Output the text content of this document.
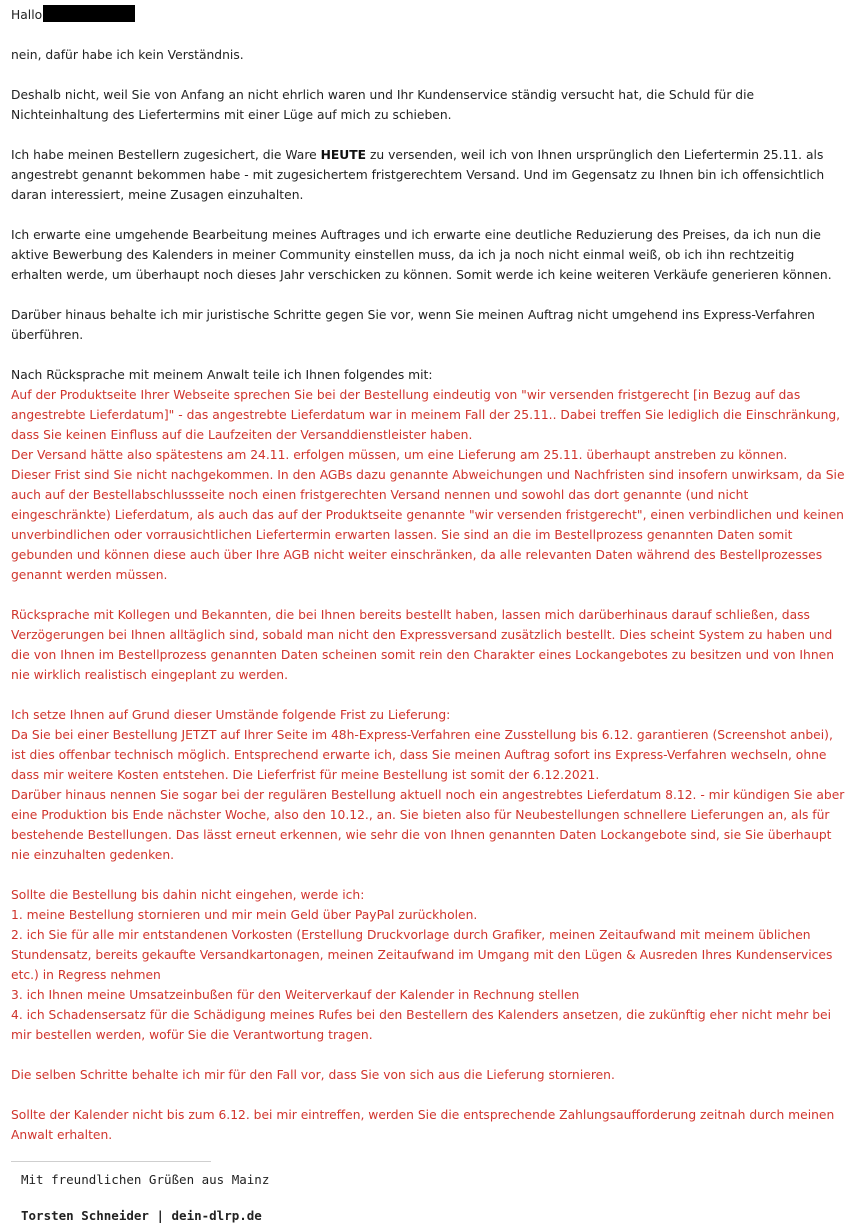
Hallo

nein, dafür habe ich kein Verständnis.

Deshalb nicht, weil Sie von Anfang an nicht ehrlich waren und Ihr Kundenservice ständig versucht hat, die Schuld für die Nichteinhaltung des Liefertermins mit einer Lüge auf mich zu schieben.

Ich habe meinen Bestellern zugesichert, die Ware HEUTE zu versenden, weil ich von Ihnen ursprünglich den Liefertermin 25.11. als angestrebt genannt bekommen habe - mit zugesichertem fristgerechtem Versand. Und im Gegensatz zu Ihnen bin ich offensichtlich daran interessiert, meine Zusagen einzuhalten.

Ich erwarte eine umgehende Bearbeitung meines Auftrages und ich erwarte eine deutliche Reduzierung des Preises, da ich nun die aktive Bewerbung des Kalenders in meiner Community einstellen muss, da ich ja noch nicht einmal weiß, ob ich ihn rechtzeitig erhalten werde, um überhaupt noch dieses Jahr verschicken zu können. Somit werde ich keine weiteren Verkäufe generieren können.

Darüber hinaus behalte ich mir juristische Schritte gegen Sie vor, wenn Sie meinen Auftrag nicht umgehend ins Express-Verfahren überführen.

Nach Rücksprache mit meinem Anwalt teile ich Ihnen folgendes mit:

Auf der Produktseite Ihrer Webseite sprechen Sie bei der Bestellung eindeutig von "wir versenden fristgerecht [in Bezug auf das angestrebte Lieferdatum]" - das angestrebte Lieferdatum war in meinem Fall der 25.11.. Dabei treffen Sie lediglich die Einschränkung, dass Sie keinen Einfluss auf die Laufzeiten der Versanddienstleister haben.

Der Versand hätte also spätestens am 24.11. erfolgen müssen, um eine Lieferung am 25.11. überhaupt anstreben zu können.

Dieser Frist sind Sie nicht nachgekommen. In den AGBs dazu genannte Abweichungen und Nachfristen sind insofern unwirksam, da Sie auch auf der Bestellabschlussseite noch einen fristgerechten Versand nennen und sowohl das dort genannte (und nicht eingeschränkte) Lieferdatum, als auch das auf der Produktseite genannte "wir versenden fristgerecht", einen verbindlichen und keinen unverbindlichen oder vorrausichtlichen Liefertermin erwarten lassen. Sie sind an die im Bestellprozess genannten Daten somit gebunden und können diese auch über Ihre AGB nicht weiter einschränken, da alle relevanten Daten während des Bestellprozesses genannt werden müssen.

Rücksprache mit Kollegen und Bekannten, die bei Ihnen bereits bestellt haben, lassen mich darüberhinaus darauf schließen, dass Verzögerungen bei Ihnen alltäglich sind, sobald man nicht den Expressversand zusätzlich bestellt. Dies scheint System zu haben und die von Ihnen im Bestellprozess genannten Daten scheinen somit rein den Charakter eines Lockangebotes zu besitzen und von Ihnen nie wirklich realistisch eingeplant zu werden.

Ich setze Ihnen auf Grund dieser Umstände folgende Frist zu Lieferung:

Da Sie bei einer Bestellung JETZT auf Ihrer Seite im 48h-Express-Verfahren eine Zusstellung bis 6.12. garantieren (Screenshot anbei), ist dies offenbar technisch möglich. Entsprechend erwarte ich, dass Sie meinen Auftrag sofort ins Express-Verfahren wechseln, ohne dass mir weitere Kosten entstehen. Die Lieferfrist für meine Bestellung ist somit der 6.12.2021.

Darüber hinaus nennen Sie sogar bei der regulären Bestellung aktuell noch ein angestrebtes Lieferdatum 8.12. - mir kündigen Sie aber eine Produktion bis Ende nächster Woche, also den 10.12., an. Sie bieten also für Neubestellungen schnellere Lieferungen an, als für bestehende Bestellungen. Das lässt erneut erkennen, wie sehr die von Ihnen genannten Daten Lockangebote sind, sie Sie überhaupt nie einzuhalten gedenken.

Sollte die Bestellung bis dahin nicht eingehen, werde ich:

1. meine Bestellung stornieren und mir mein Geld über PayPal zurückholen.

2. ich Sie für alle mir entstandenen Vorkosten (Erstellung Druckvorlage durch Grafiker, meinen Zeitaufwand mit meinem üblichen Stundensatz, bereits gekaufte Versandkartonagen, meinen Zeitaufwand im Umgang mit den Lügen & Ausreden Ihres Kundenservices etc.) in Regress nehmen

3. ich Ihnen meine Umsatzeinbußen für den Weiterverkauf der Kalender in Rechnung stellen

4. ich Schadensersatz für die Schädigung meines Rufes bei den Bestellern des Kalenders ansetzen, die zukünftig eher nicht mehr bei mir bestellen werden, wofür Sie die Verantwortung tragen.

Die selben Schritte behalte ich mir für den Fall vor, dass Sie von sich aus die Lieferung stornieren.

Sollte der Kalender nicht bis zum 6.12. bei mir eintreffen, werden Sie die entsprechende Zahlungsaufforderung zeitnah durch meinen Anwalt erhalten.

Mit freundlichen Grüßen aus Mainz

Torsten Schneider | dein-dlrp.de
